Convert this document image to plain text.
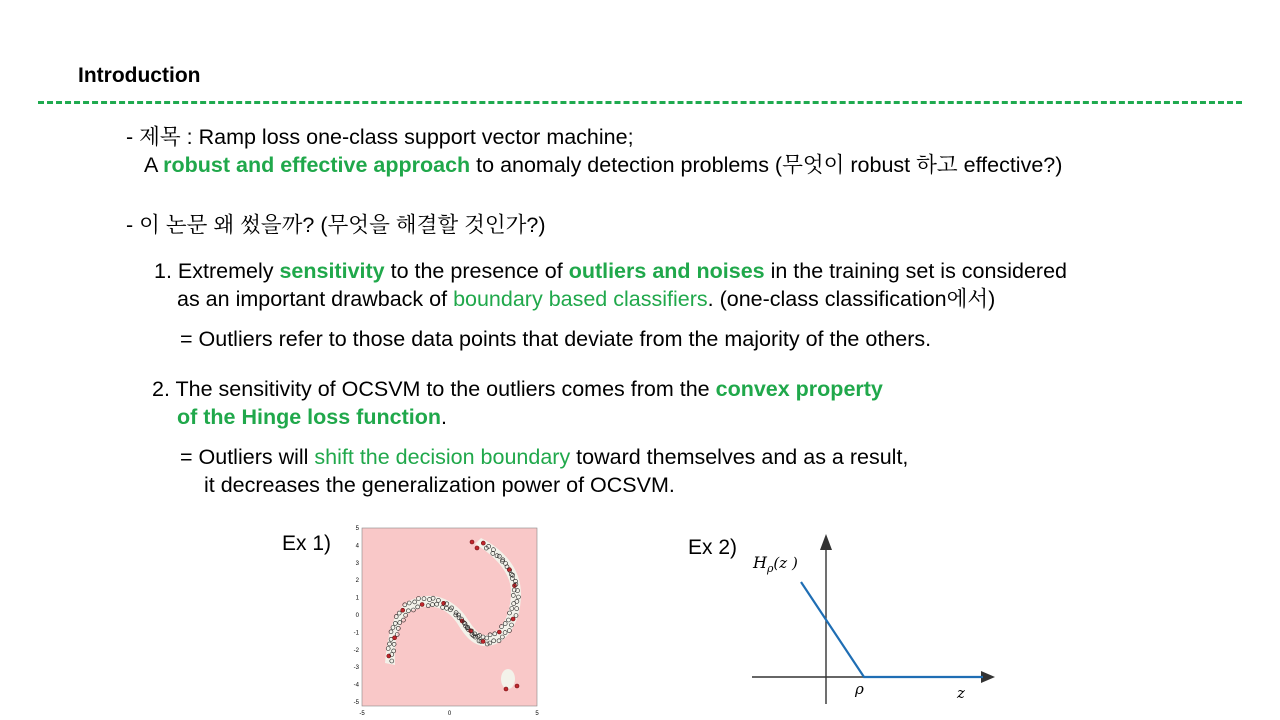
Introduction
- 제목 : Ramp loss one-class support vector machine;
A robust and effective approach to anomaly detection problems (무엇이 robust 하고 effective?)
- 이 논문 왜 썼을까? (무엇을 해결할 것인가?)
1. Extremely sensitivity to the presence of outliers and noises in the training set is considered
as an important drawback of boundary based classifiers. (one-class classification에서)
= Outliers refer to those data points that deviate from the majority of the others.
2. The sensitivity of OCSVM to the outliers comes from the convex property
of the Hinge loss function.
= Outliers will shift the decision boundary toward themselves and as a result,
it decreases the generalization power of OCSVM.
Ex 1)	Ex 2)
5
4
3
2
1
0
-1
-2
-3
-4
-5
-5	0	5
$H_\rho(z$ )
ρ	z
